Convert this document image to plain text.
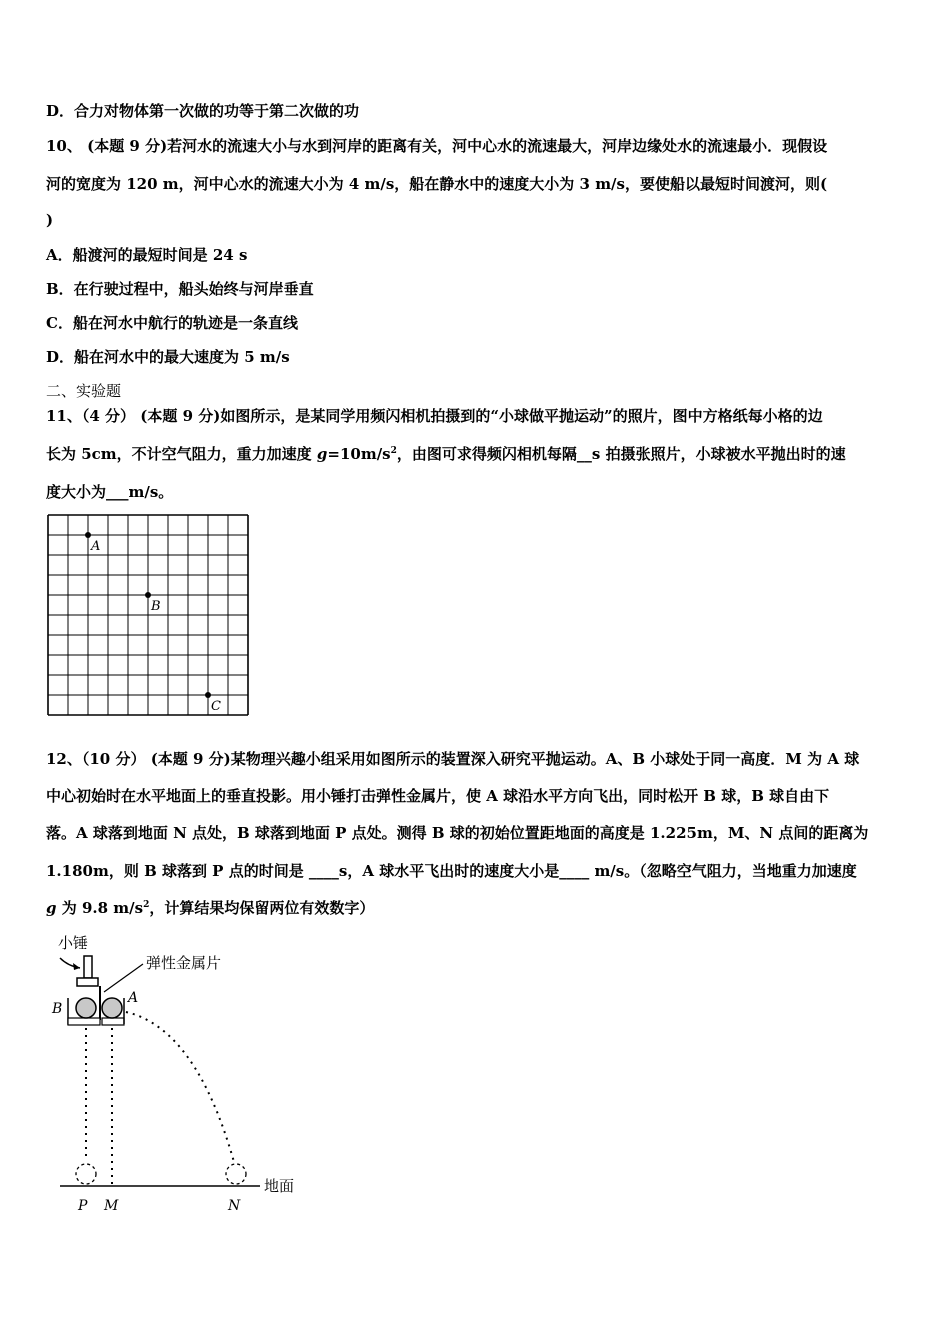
D．合力对物体第一次做的功等于第二次做的功
10、 (本题 9 分)若河水的流速大小与水到河岸的距离有关，河中心水的流速最大，河岸边缘处水的流速最小．现假设
河的宽度为 120 m，河中心水的流速大小为 4 m/s，船在静水中的速度大小为 3 m/s，要使船以最短时间渡河，则(
)
A．船渡河的最短时间是 24 s
B．在行驶过程中，船头始终与河岸垂直
C．船在河水中航行的轨迹是一条直线
D．船在河水中的最大速度为 5 m/s
二、实验题
11、（4 分） (本题 9 分)如图所示，是某同学用频闪相机拍摄到的“小球做平抛运动”的照片，图中方格纸每小格的边
长为 5cm，不计空气阻力，重力加速度 $g=10m/s^2$，由图可求得频闪相机每隔__s 拍摄张照片，小球被水平抛出时的速
度大小为___m/s。
A
B
C
12、（10 分） (本题 9 分)某物理兴趣小组采用如图所示的装置深入研究平抛运动。A、B 小球处于同一高度．M 为 A 球
中心初始时在水平地面上的垂直投影。用小锤打击弹性金属片，使 A 球沿水平方向飞出，同时松开 B 球，B 球自由下
落。A 球落到地面 N 点处，B 球落到地面 P 点处。测得 B 球的初始位置距地面的高度是 1.225m，M、N 点间的距离为
1.180m，则 B 球落到 P 点的时间是 ____s，A 球水平飞出时的速度大小是____ m/s。（忽略空气阻力，当地重力加速度
g 为 9.8 $m/s^2$，计算结果均保留两位有效数字）
小锤
弹性金属片
B
A
地面
P M	N
